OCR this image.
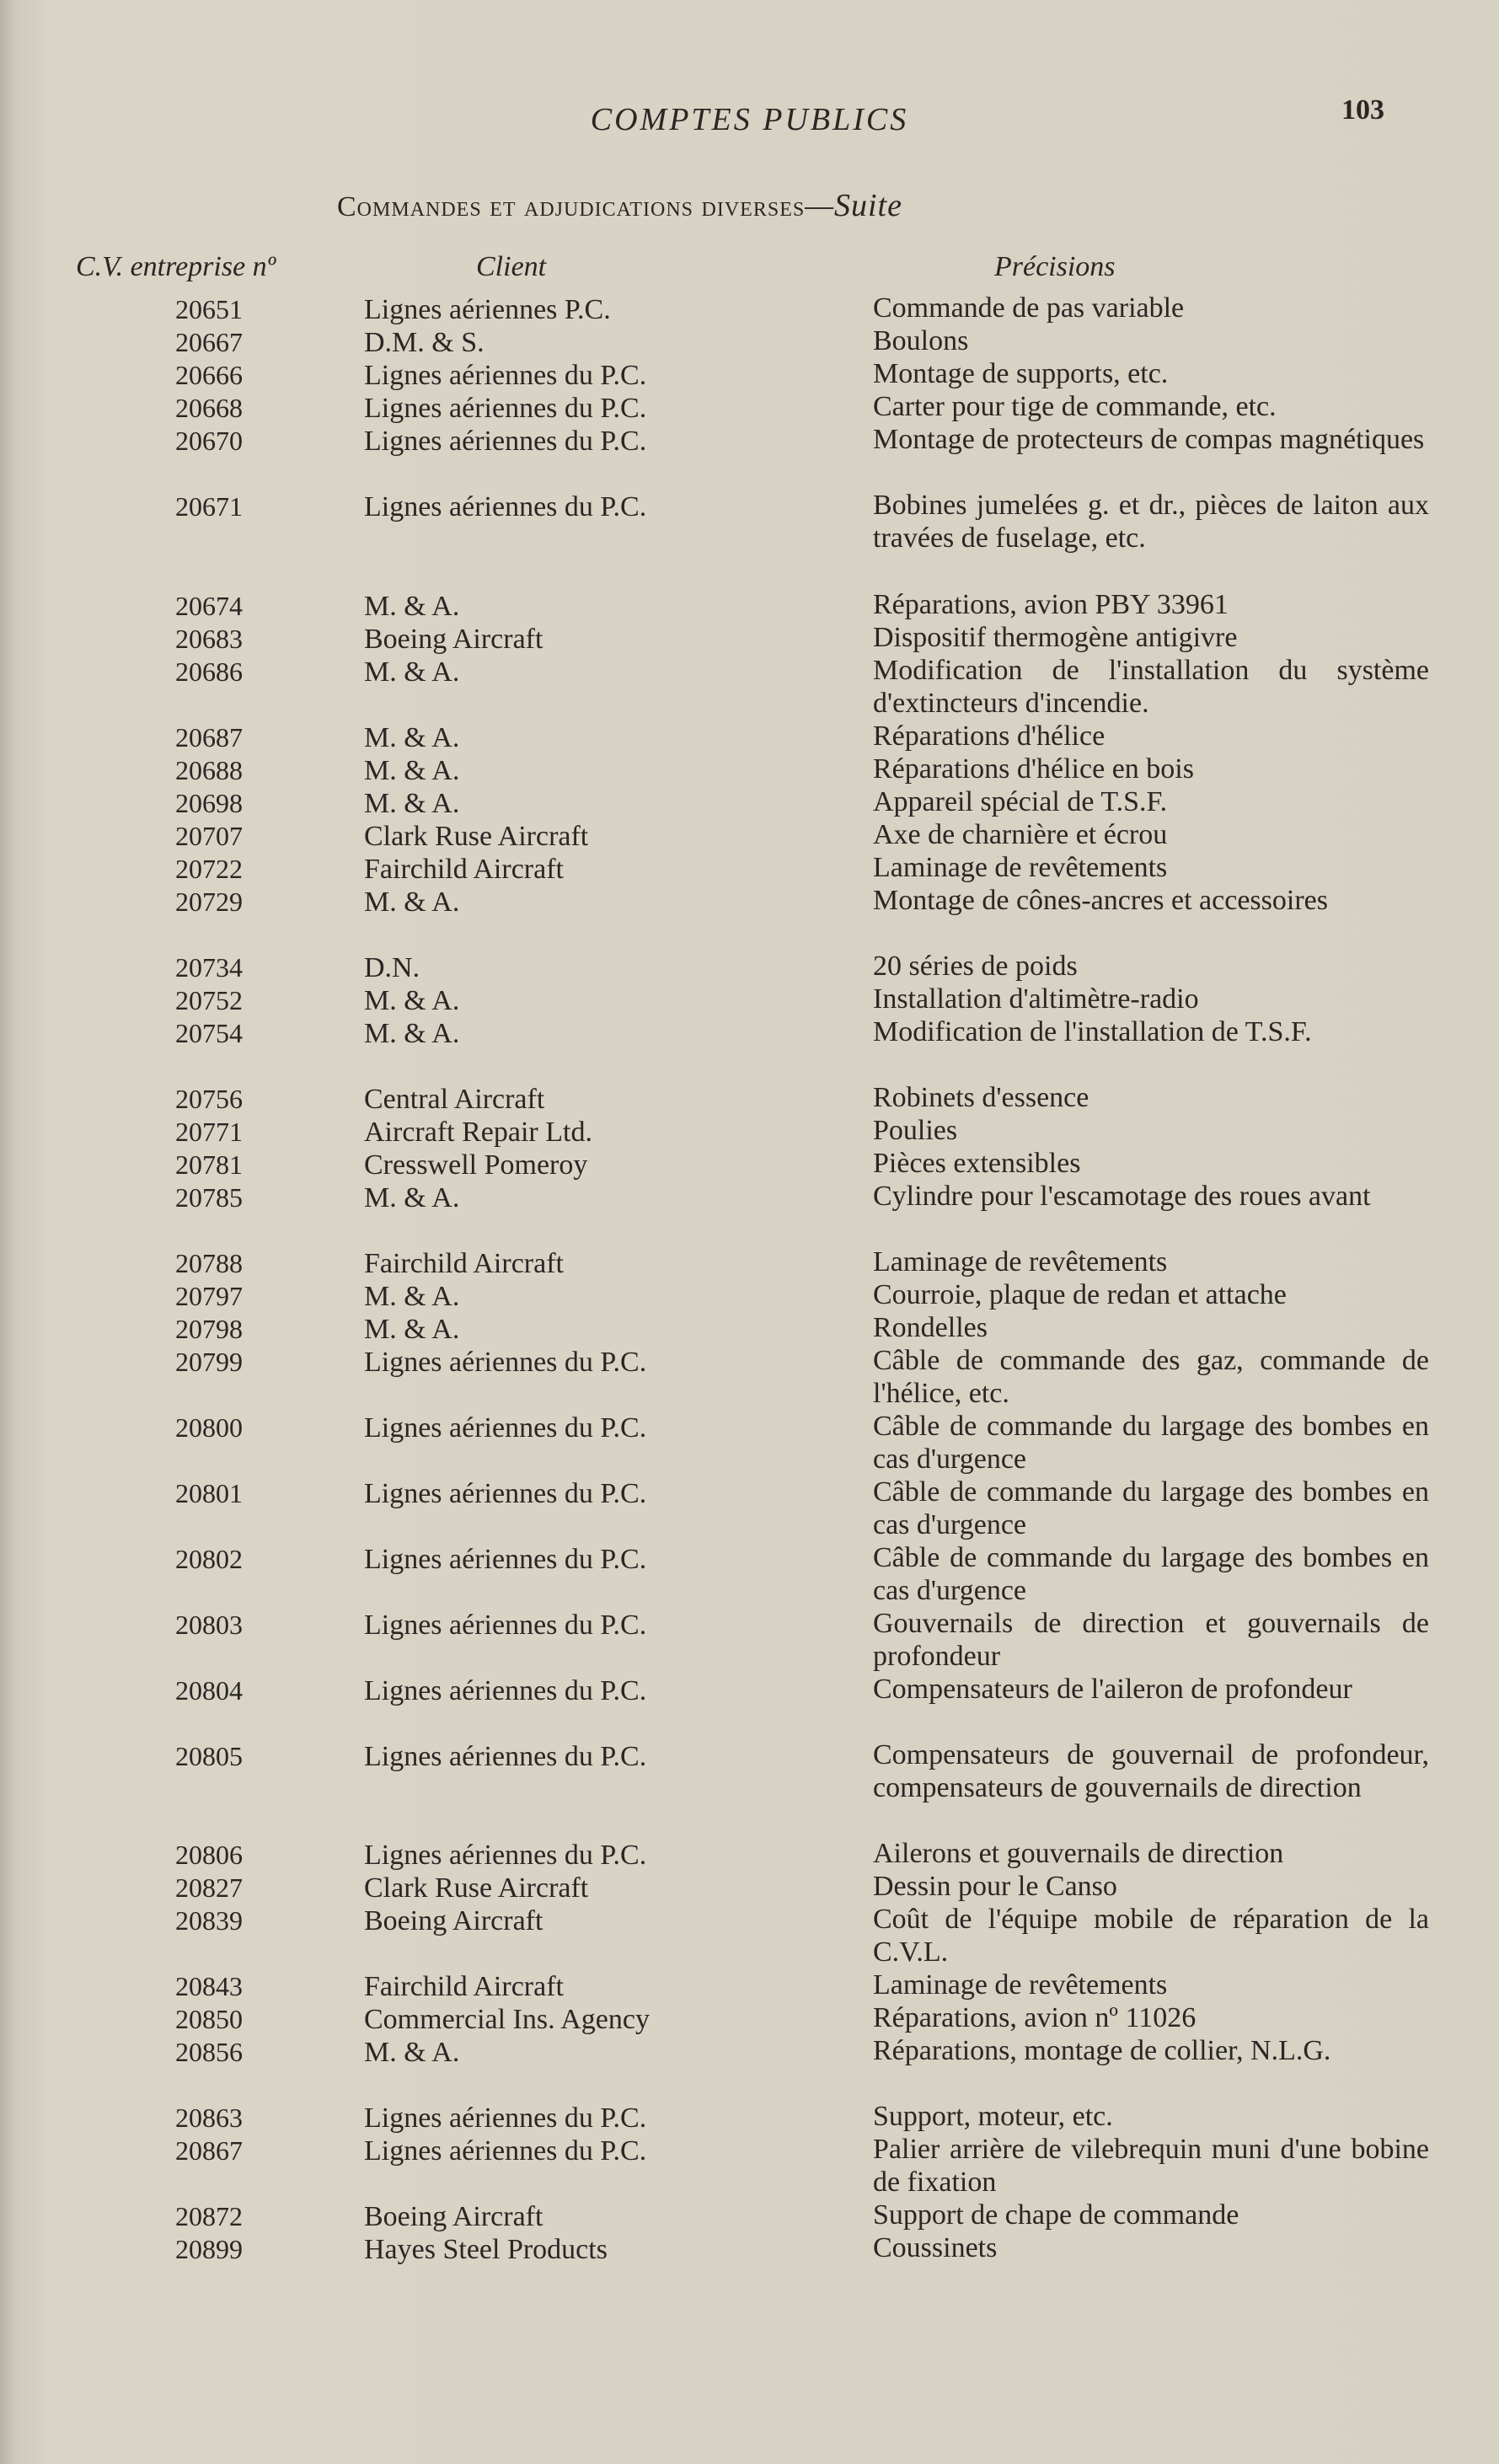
COMPTES PUBLICS	103
Commandes et adjudications diverses—Suite
C.V. entreprise nº	Client	Précisions
20651	Lignes aériennes P.C.	Commande de pas variable
20667	D.M. & S.	Boulons
20666	Lignes aériennes du P.C.	Montage de supports, etc.
20668	Lignes aériennes du P.C.	Carter pour tige de commande, etc.
20670	Lignes aériennes du P.C.	Montage de protecteurs de compas magnétiques
20671	Lignes aériennes du P.C.	Bobines jumelées g. et dr., pièces de laiton aux travées de fuselage, etc.
20674	M. & A.	Réparations, avion PBY 33961
20683	Boeing Aircraft	Dispositif thermogène antigivre
20686	M. & A.	Modification de l'installation du système d'extincteurs d'incendie.
20687	M. & A.	Réparations d'hélice
20688	M. & A.	Réparations d'hélice en bois
20698	M. & A.	Appareil spécial de T.S.F.
20707	Clark Ruse Aircraft	Axe de charnière et écrou
20722	Fairchild Aircraft	Laminage de revêtements
20729	M. & A.	Montage de cônes-ancres et accessoires
20734	D.N.	20 séries de poids
20752	M. & A.	Installation d'altimètre-radio
20754	M. & A.	Modification de l'installation de T.S.F.
20756	Central Aircraft	Robinets d'essence
20771	Aircraft Repair Ltd.	Poulies
20781	Cresswell Pomeroy	Pièces extensibles
20785	M. & A.	Cylindre pour l'escamotage des roues avant
20788	Fairchild Aircraft	Laminage de revêtements
20797	M. & A.	Courroie, plaque de redan et attache
20798	M. & A.	Rondelles
20799	Lignes aériennes du P.C.	Câble de commande des gaz, commande de l'hélice, etc.
20800	Lignes aériennes du P.C.	Câble de commande du largage des bombes en cas d'urgence
20801	Lignes aériennes du P.C.	Câble de commande du largage des bombes en cas d'urgence
20802	Lignes aériennes du P.C.	Câble de commande du largage des bombes en cas d'urgence
20803	Lignes aériennes du P.C.	Gouvernails de direction et gouvernails de profondeur
20804	Lignes aériennes du P.C.	Compensateurs de l'aileron de profondeur
20805	Lignes aériennes du P.C.	Compensateurs de gouvernail de profondeur, compensateurs de gouvernails de direction
20806	Lignes aériennes du P.C.	Ailerons et gouvernails de direction
20827	Clark Ruse Aircraft	Dessin pour le Canso
20839	Boeing Aircraft	Coût de l'équipe mobile de réparation de la C.V.L.
20843	Fairchild Aircraft	Laminage de revêtements
20850	Commercial Ins. Agency	Réparations, avion nº 11026
20856	M. & A.	Réparations, montage de collier, N.L.G.
20863	Lignes aériennes du P.C.	Support, moteur, etc.
20867	Lignes aériennes du P.C.	Palier arrière de vilebrequin muni d'une bobine de fixation
20872	Boeing Aircraft	Support de chape de commande
20899	Hayes Steel Products	Coussinets
